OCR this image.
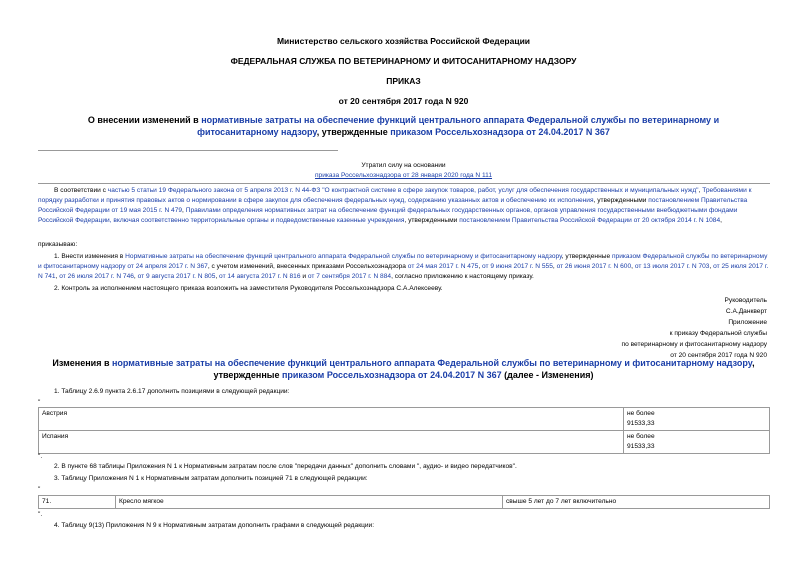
Министерство сельского хозяйства Российской Федерации
ФЕДЕРАЛЬНАЯ СЛУЖБА ПО ВЕТЕРИНАРНОМУ И ФИТОСАНИТАРНОМУ НАДЗОРУ
ПРИКАЗ
от 20 сентября 2017 года N 920
О внесении изменений в нормативные затраты на обеспечение функций центрального аппарата Федеральной службы по ветеринарному и фитосанитарному надзору, утвержденные приказом Россельхознадзора от 24.04.2017 N 367
Утратил силу на основании
приказа Россельхознадзора от 28 января 2020 года N 111
В соответствии с частью 5 статьи 19 Федерального закона от 5 апреля 2013 г. N 44-ФЗ "О контрактной системе в сфере закупок товаров, работ, услуг для обеспечения государственных и муниципальных нужд", Требованиями к порядку разработки и принятия правовых актов о нормировании в сфере закупок для обеспечения федеральных нужд, содержанию указанных актов и обеспечению их исполнения, утвержденными постановлением Правительства Российской Федерации от 19 мая 2015 г. N 479, Правилами определения нормативных затрат на обеспечение функций федеральных государственных органов, органов управления государственными внебюджетными фондами Российской Федерации, включая соответственно территориальные органы и подведомственные казенные учреждения, утвержденными постановлением Правительства Российской Федерации от 20 октября 2014 г. N 1084,
приказываю:
1. Внести изменения в Нормативные затраты на обеспечение функций центрального аппарата Федеральной службы по ветеринарному и фитосанитарному надзору, утвержденные приказом Федеральной службы по ветеринарному и фитосанитарному надзору от 24 апреля 2017 г. N 367, с учетом изменений, внесенных приказами Россельхознадзора от 24 мая 2017 г. N 475, от 9 июня 2017 г. N 555, от 26 июня 2017 г. N 600, от 13 июля 2017 г. N 703, от 25 июля 2017 г. N 741, от 26 июля 2017 г. N 746, от 9 августа 2017 г. N 805, от 14 августа 2017 г. N 816 и от 7 сентября 2017 г. N 884, согласно приложению к настоящему приказу.
2. Контроль за исполнением настоящего приказа возложить на заместителя Руководителя Россельхознадзора С.А.Алексееву.
Руководитель
С.А.Данкверт
Приложение
к приказу Федеральной службы
по ветеринарному и фитосанитарному надзору
от 20 сентября 2017 года N 920
Изменения в нормативные затраты на обеспечение функций центрального аппарата Федеральной службы по ветеринарному и фитосанитарному надзору, утвержденные приказом Россельхознадзора от 24.04.2017 N 367 (далее - Изменения)
1. Таблицу 2.6.9 пункта 2.6.17 дополнить позициями в следующей редакции:
"
Австрия	не более
91533,33

Испания	не более
91533,33
".
2. В пункте 68 таблицы Приложения N 1 к Нормативным затратам после слов "передачи данных" дополнить словами ", аудио- и видео передатчиков".
3. Таблицу Приложения N 1 к Нормативным затратам дополнить позицией 71 в следующей редакции:
"
71.	Кресло мягкое	свыше 5 лет до 7 лет включительно
".
4. Таблицу 9(13) Приложения N 9 к Нормативным затратам дополнить графами в следующей редакции:
